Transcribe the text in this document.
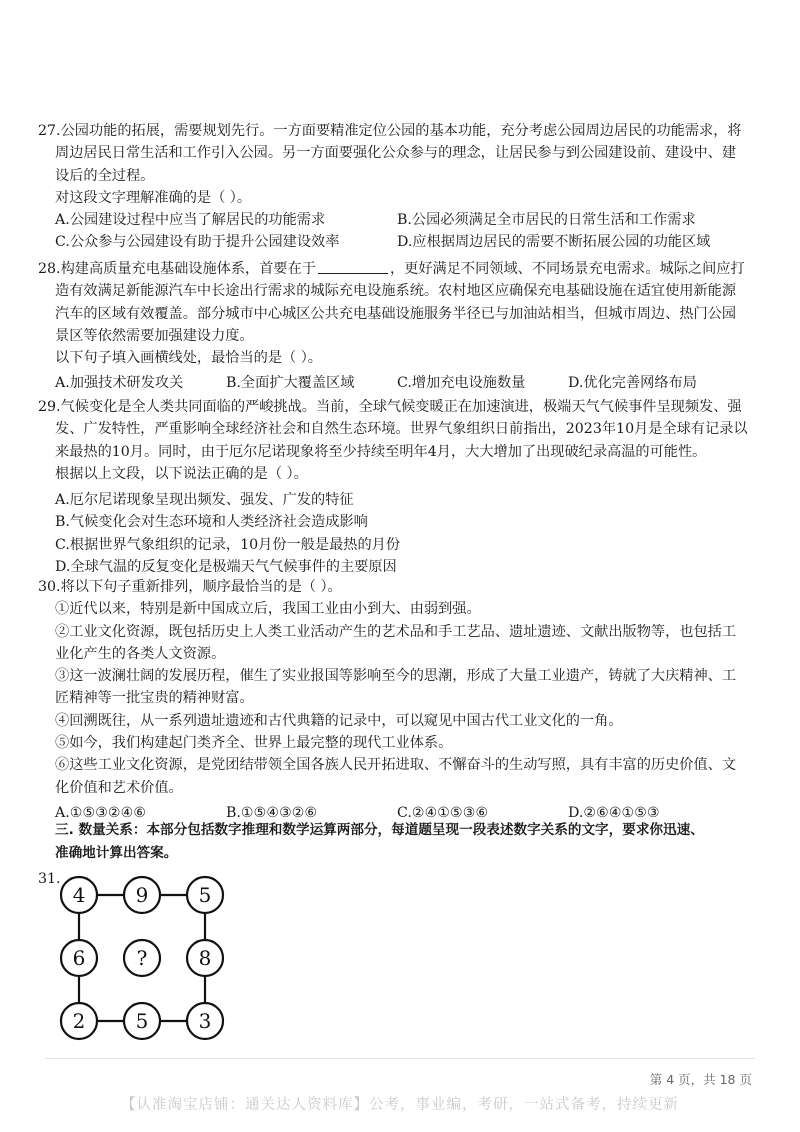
27.公园功能的拓展，需要规划先行。一方面要精准定位公园的基本功能，充分考虑公园周边居民的功能需求，将

周边居民日常生活和工作引入公园。另一方面要强化公众参与的理念，让居民参与到公园建设前、建设中、建

设后的全过程。

对这段文字理解准确的是（ ）。

A.公园建设过程中应当了解居民的功能需求	B.公园必须满足全市居民的日常生活和工作需求
C.公众参与公园建设有助于提升公园建设效率	D.应根据周边居民的需要不断拓展公园的功能区域

28.构建高质量充电基础设施体系，首要在于	，更好满足不同领域、不同场景充电需求。城际之间应打

造有效满足新能源汽车中长途出行需求的城际充电设施系统。农村地区应确保充电基础设施在适宜使用新能源

汽车的区域有效覆盖。部分城市中心城区公共充电基础设施服务半径已与加油站相当，但城市周边、热门公园

景区等依然需要加强建设力度。

以下句子填入画横线处，最恰当的是（ ）。

A.加强技术研发攻关	B.全面扩大覆盖区域	C.增加充电设施数量	D.优化完善网络布局

29.气候变化是全人类共同面临的严峻挑战。当前，全球气候变暖正在加速演进，极端天气气候事件呈现频发、强

发、广发特性，严重影响全球经济社会和自然生态环境。世界气象组织日前指出，2023年10月是全球有记录以

来最热的10月。同时，由于厄尔尼诺现象将至少持续至明年4月，大大增加了出现破纪录高温的可能性。

根据以上文段，以下说法正确的是（ ）。

A.厄尔尼诺现象呈现出频发、强发、广发的特征

B.气候变化会对生态环境和人类经济社会造成影响

C.根据世界气象组织的记录，10月份一般是最热的月份

D.全球气温的反复变化是极端天气气候事件的主要原因

30.将以下句子重新排列，顺序最恰当的是（ ）。

①近代以来，特别是新中国成立后，我国工业由小到大、由弱到强。

②工业文化资源，既包括历史上人类工业活动产生的艺术品和手工艺品、遗址遗迹、文献出版物等，也包括工

业化产生的各类人文资源。

③这一波澜壮阔的发展历程，催生了实业报国等影响至今的思潮，形成了大量工业遗产，铸就了大庆精神、工

匠精神等一批宝贵的精神财富。

④回溯既往，从一系列遗址遗迹和古代典籍的记录中，可以窥见中国古代工业文化的一角。

⑤如今，我们构建起门类齐全、世界上最完整的现代工业体系。

⑥这些工业文化资源，是党团结带领全国各族人民开拓进取、不懈奋斗的生动写照，具有丰富的历史价值、文

化价值和艺术价值。

A.①⑤③②④⑥	B.①⑤④③②⑥	C.②④①⑤③⑥	D.②⑥④①⑤③
三. 数量关系：本部分包括数字推理和数学运算两部分，每道题呈现一段表述数字关系的文字，要求你迅速、
准确地计算出答案。
31.
4	9	5
6	?	8
2	5	3
第 4 页，共 18 页
【认准淘宝店铺：通关达人资料库】公考，事业编，考研，一站式备考，持续更新
